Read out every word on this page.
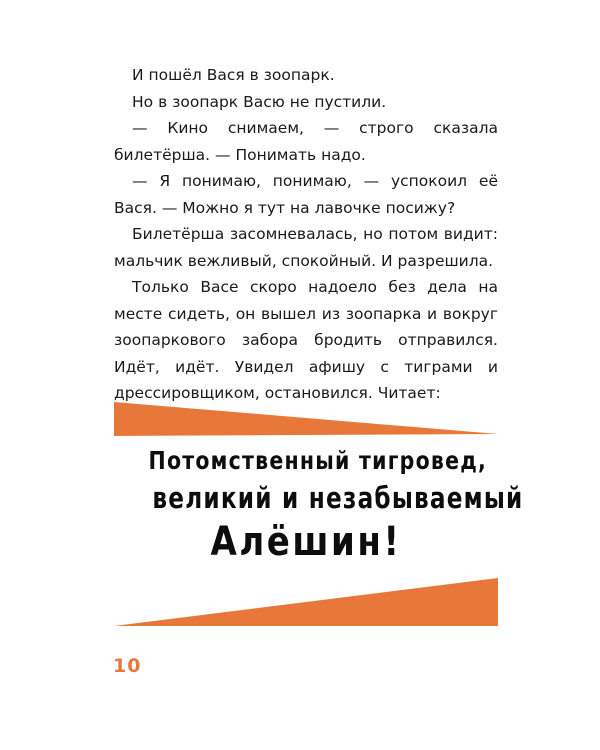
И пошёл Вася в зоопарк.

Но в зоопарк Васю не пустили.

— Кино снимаем, — строго сказала билетёрша. — Понимать надо.

— Я понимаю, понимаю, — успокоил её Вася. — Можно я тут на лавочке посижу?

Билетёрша засомневалась, но потом видит: мальчик вежливый, спокойный. И разрешила.

Только Васе скоро надоело без дела на месте сидеть, он вышел из зоопарка и вокруг зоопаркового забора бродить отправился. Идёт, идёт. Увидел афишу с тиграми и дрессировщиком, остановился. Читает:

Потомственный тигровед,
великий и незабываемый
Алёшин!
10
